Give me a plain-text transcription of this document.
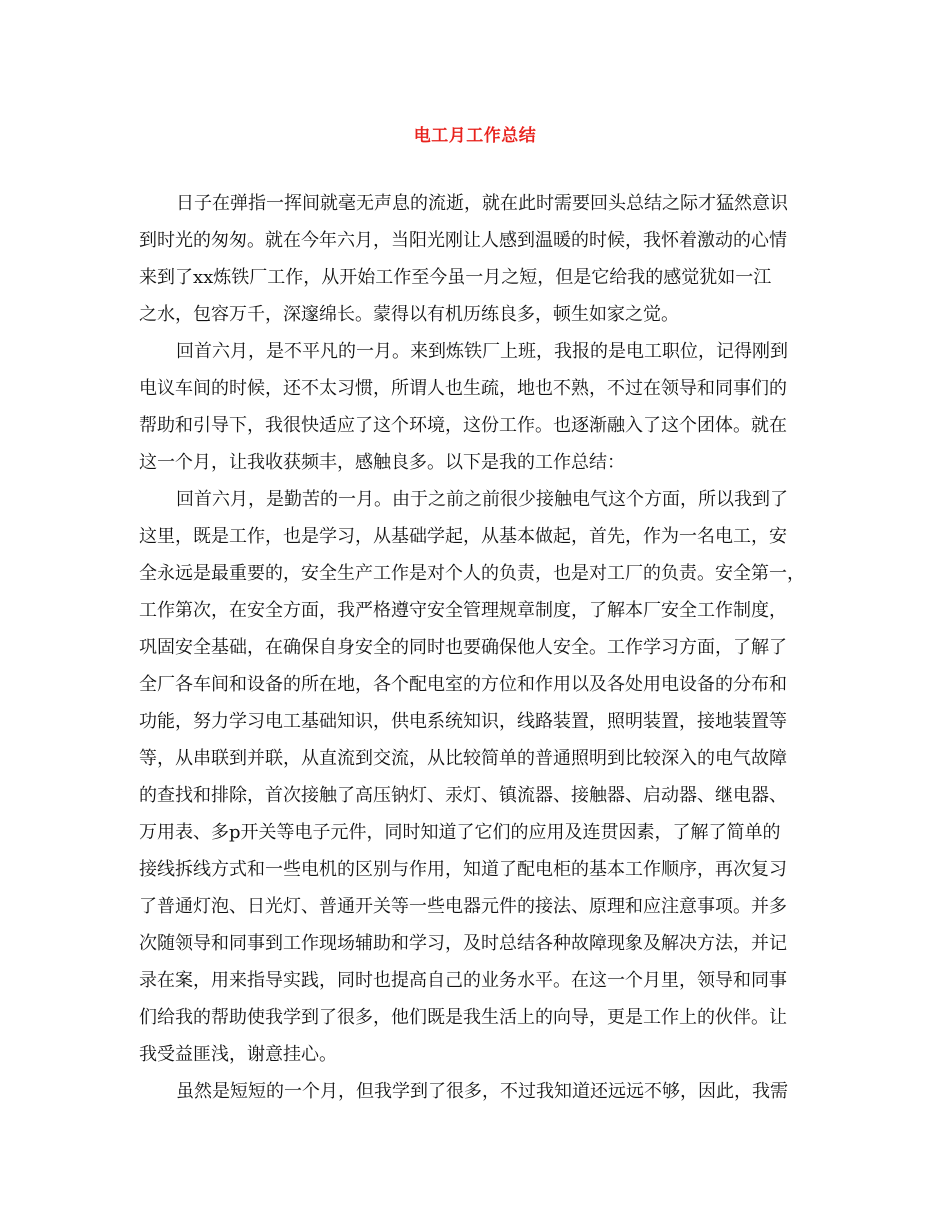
电工月工作总结
日子在弹指一挥间就毫无声息的流逝，就在此时需要回头总结之际才猛然意识
到时光的匆匆。就在今年六月，当阳光刚让人感到温暖的时候，我怀着激动的心情
来到了xx炼铁厂工作，从开始工作至今虽一月之短，但是它给我的感觉犹如一江
之水，包容万千，深邃绵长。蒙得以有机历练良多，顿生如家之觉。
回首六月，是不平凡的一月。来到炼铁厂上班，我报的是电工职位，记得刚到
电议车间的时候，还不太习惯，所谓人也生疏，地也不熟，不过在领导和同事们的
帮助和引导下，我很快适应了这个环境，这份工作。也逐渐融入了这个团体。就在
这一个月，让我收获频丰，感触良多。以下是我的工作总结：
回首六月，是勤苦的一月。由于之前之前很少接触电气这个方面，所以我到了
这里，既是工作，也是学习，从基础学起，从基本做起，首先，作为一名电工，安
全永远是最重要的，安全生产工作是对个人的负责，也是对工厂的负责。安全第一，
工作第次，在安全方面，我严格遵守安全管理规章制度，了解本厂安全工作制度，
巩固安全基础，在确保自身安全的同时也要确保他人安全。工作学习方面，了解了
全厂各车间和设备的所在地，各个配电室的方位和作用以及各处用电设备的分布和
功能，努力学习电工基础知识，供电系统知识，线路装置，照明装置，接地装置等
等，从串联到并联，从直流到交流，从比较简单的普通照明到比较深入的电气故障
的查找和排除，首次接触了高压钠灯、汞灯、镇流器、接触器、启动器、继电器、
万用表、多p开关等电子元件，同时知道了它们的应用及连贯因素，了解了简单的
接线拆线方式和一些电机的区别与作用，知道了配电柜的基本工作顺序，再次复习
了普通灯泡、日光灯、普通开关等一些电器元件的接法、原理和应注意事项。并多
次随领导和同事到工作现场辅助和学习，及时总结各种故障现象及解决方法，并记
录在案，用来指导实践，同时也提高自己的业务水平。在这一个月里，领导和同事
们给我的帮助使我学到了很多，他们既是我生活上的向导，更是工作上的伙伴。让
我受益匪浅，谢意挂心。
虽然是短短的一个月，但我学到了很多，不过我知道还远远不够，因此，我需
